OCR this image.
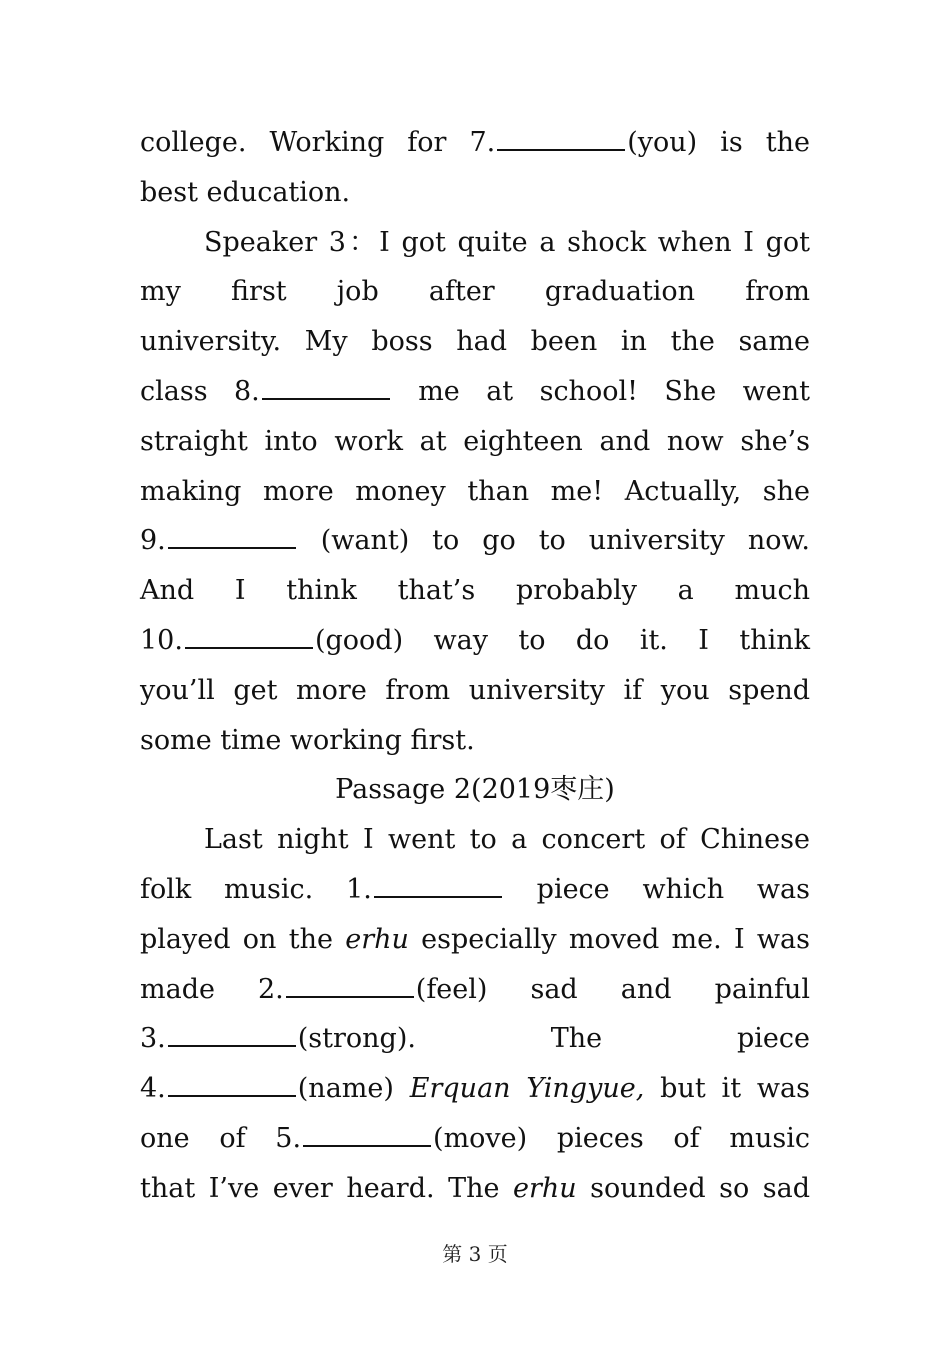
college. Working for 7.	(you) is the
best education.

Speaker 3：I got quite a shock when I got
my first job after graduation from
university. My boss had been in the same
class 8.	me at school! She went
straight into work at eighteen and now she’s
making more money than me! Actually, she
9.	(want) to go to university now.
And I think that’s probably a much
10.	(good) way to do it. I think
you’ll get more from university if you spend
some time working first.

Passage 2(2019枣庄)

Last night I went to a concert of Chinese
folk music. 1.	piece which was
played on the erhu especially moved me. I was
made 2.	(feel) sad and painful
3.	(strong). The piece
4.	(name) Erquan Yingyue, but it was
one of 5.	(move) pieces of music
that I’ve ever heard. The erhu sounded so sad

第 3 页
